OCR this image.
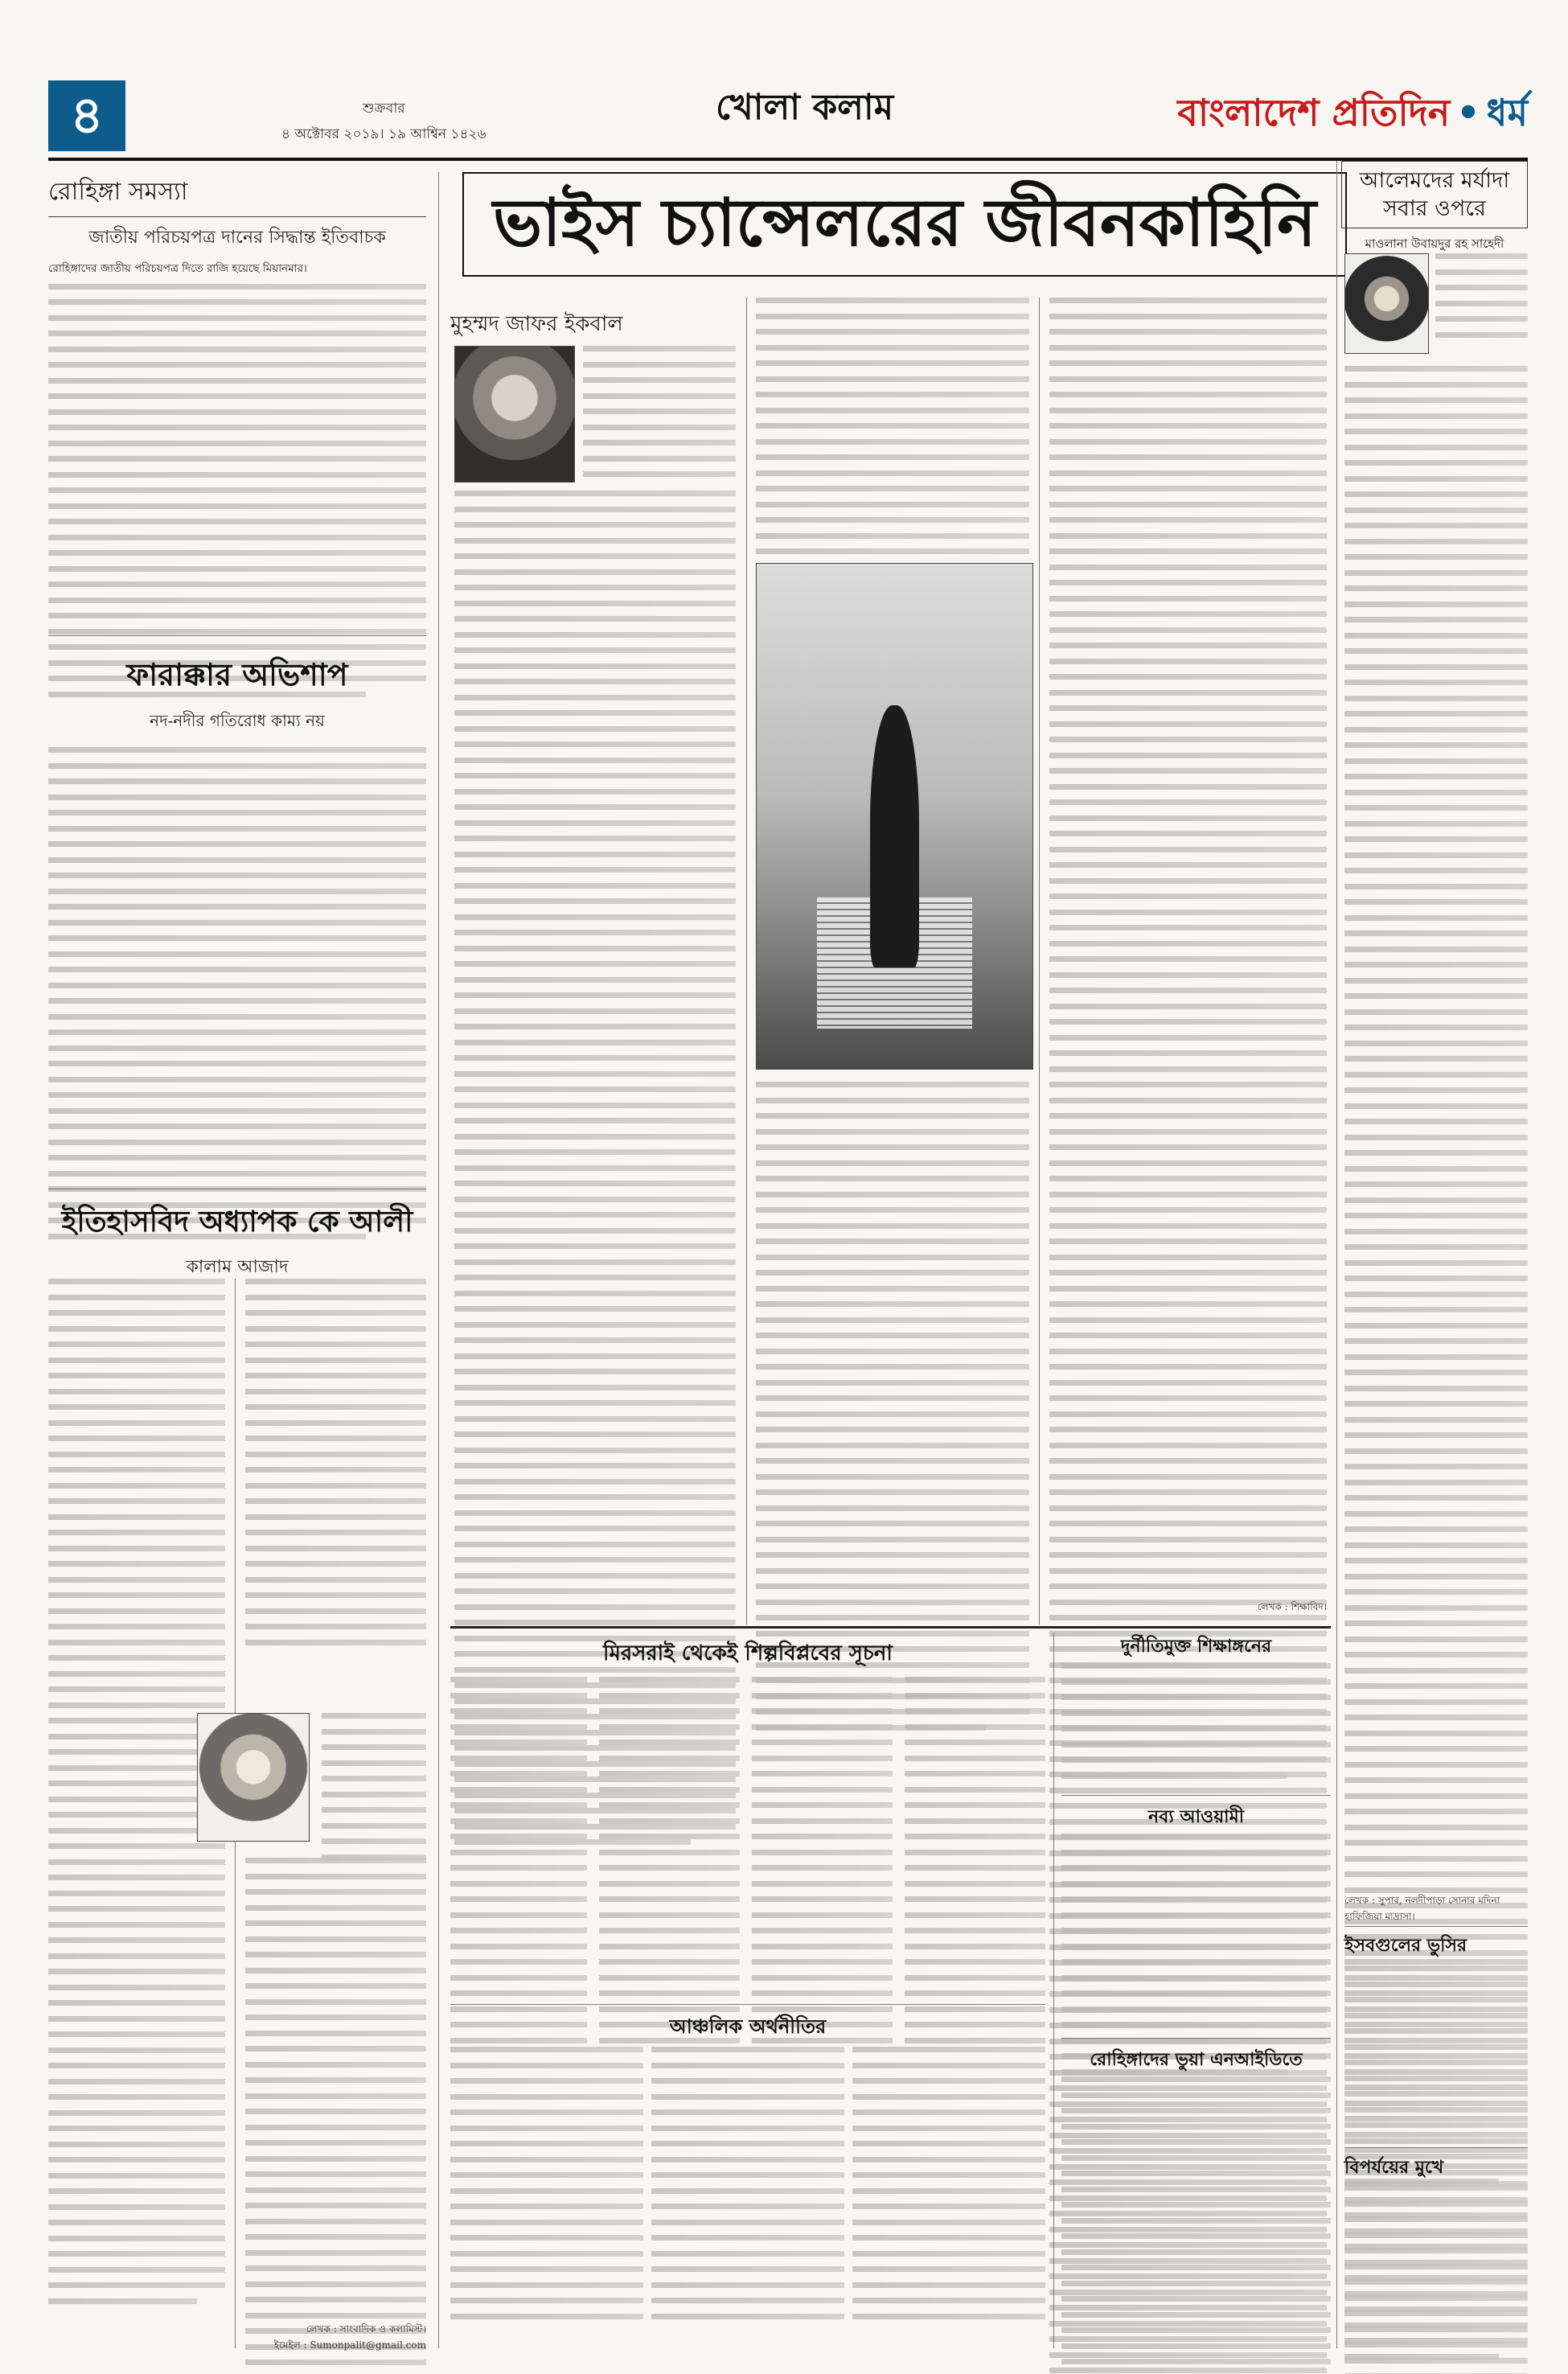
৪	শুক্রবার
৪ অক্টোবর ২০১৯। ১৯ আশ্বিন ১৪২৬
খোলা কলাম	বাংলাদেশ প্রতিদিন • ধর্ম
রোহিঙ্গা সমস্যা
জাতীয় পরিচয়পত্র দানের সিদ্ধান্ত ইতিবাচক

রোহিঙ্গাদের জাতীয় পরিচয়পত্র দিতে রাজি হয়েছে মিয়ানমার।

ফারাক্কার অভিশাপ
নদ-নদীর গতিরোধ কাম্য নয়
ইতিহাসবিদ অধ্যাপক কে আলী
কালাম আজাদ
লেখক : সাংবাদিক ও কলামিস্ট।
ইমেইল : Sumonpalit@gmail.com
ভাইস চ্যান্সেলরের জীবনকাহিনি
মুহম্মদ জাফর ইকবাল
লেখক : শিক্ষাবিদ।
মিরসরাই থেকেই শিল্পবিপ্লবের সূচনা
আঞ্চলিক অর্থনীতির
দুর্নীতিমুক্ত শিক্ষাঙ্গনের
নব্য আওয়ামী
রোহিঙ্গাদের ভুয়া এনআইডিতে
আলেমদের মর্যাদা সবার ওপরে
মাওলানা উবায়দুর রহ সাহেদী
লেখক : সুপার, নলদীপাড়া সোনার মদিনা হাফিজিয়া মাদ্রাসা।
ইসবগুলের ভুসির
বিপর্যয়ের মুখে
